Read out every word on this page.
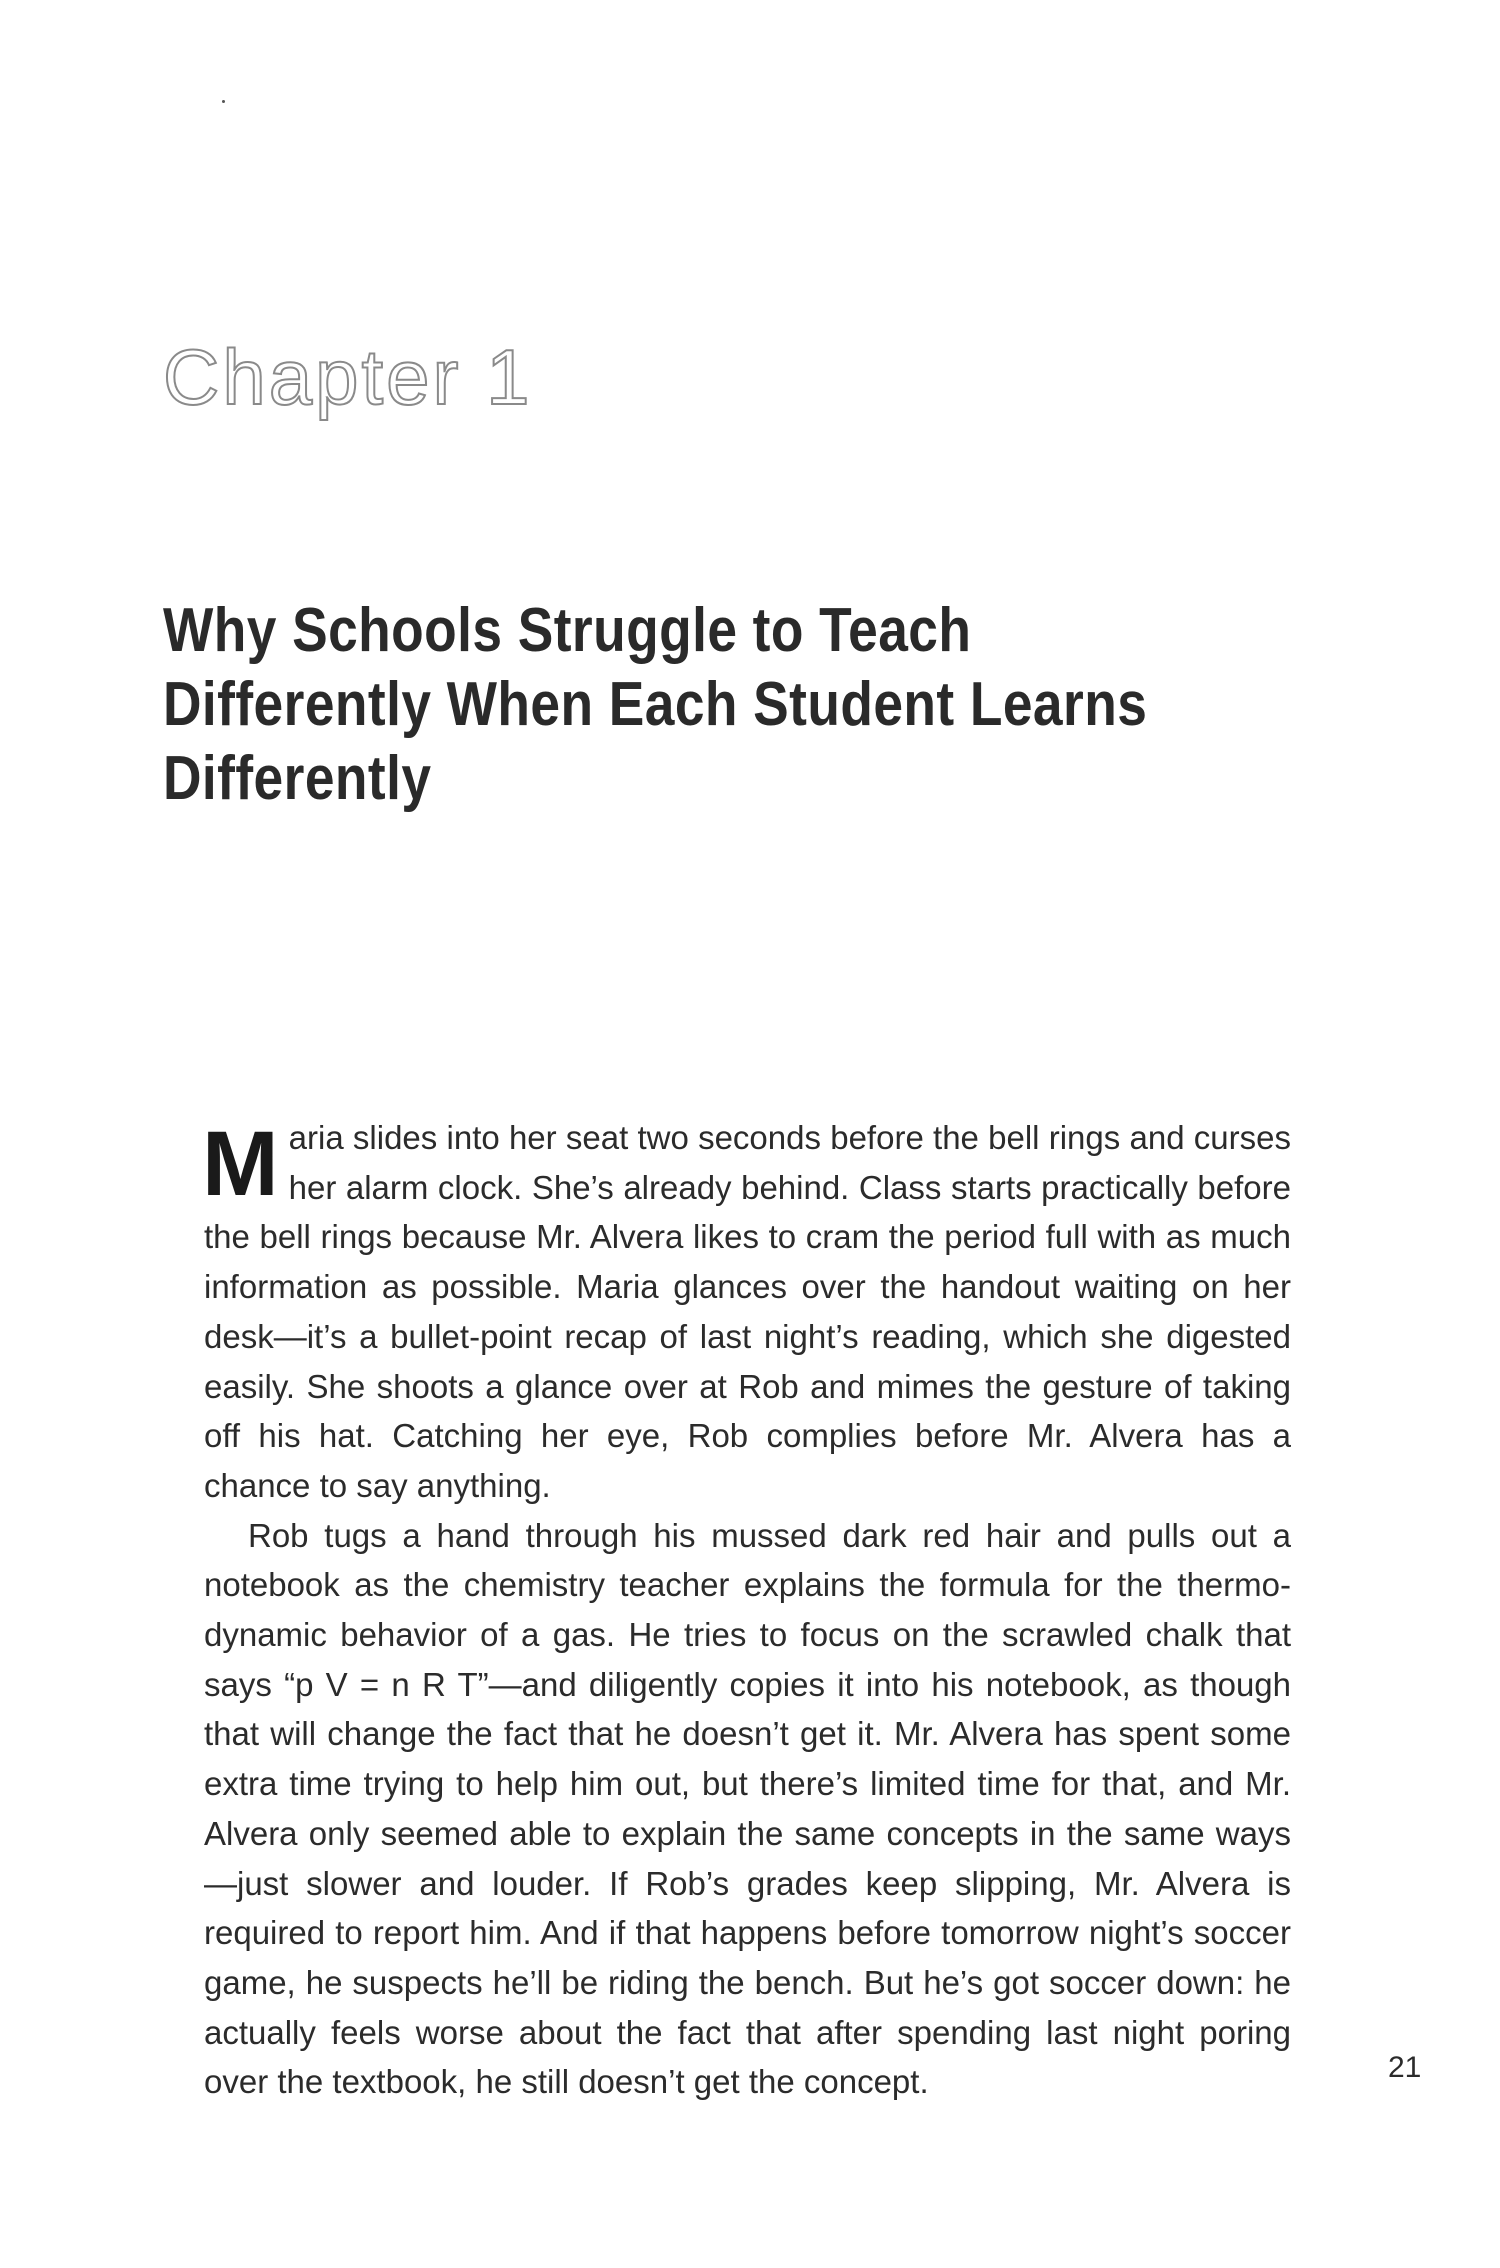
Chapter 1
Why Schools Struggle to Teach Differently When Each Student Learns Differently

Maria slides into her seat two seconds before the bell rings and curses her alarm clock. She’s already behind. Class starts practically before the bell rings because Mr. Alvera likes to cram the period full with as much information as possible. Maria glances over the handout waiting on her desk—it’s a bullet-point recap of last night’s reading, which she digested easily. She shoots a glance over at Rob and mimes the gesture of taking off his hat. Catching her eye, Rob complies before Mr. Alvera has a chance to say anything.

Rob tugs a hand through his mussed dark red hair and pulls out a notebook as the chemistry teacher explains the formula for the thermodynamic behavior of a gas. He tries to focus on the scrawled chalk that says “p V = n R T”—and diligently copies it into his notebook, as though that will change the fact that he doesn’t get it. Mr. Alvera has spent some extra time trying to help him out, but there’s limited time for that, and Mr. Alvera only seemed able to explain the same concepts in the same ways—just slower and louder. If Rob’s grades keep slipping, Mr. Alvera is required to report him. And if that happens before tomorrow night’s soccer game, he suspects he’ll be riding the bench. But he’s got soccer down: he actually feels worse about the fact that after spending last night poring over the textbook, he still doesn’t get the concept.	21
